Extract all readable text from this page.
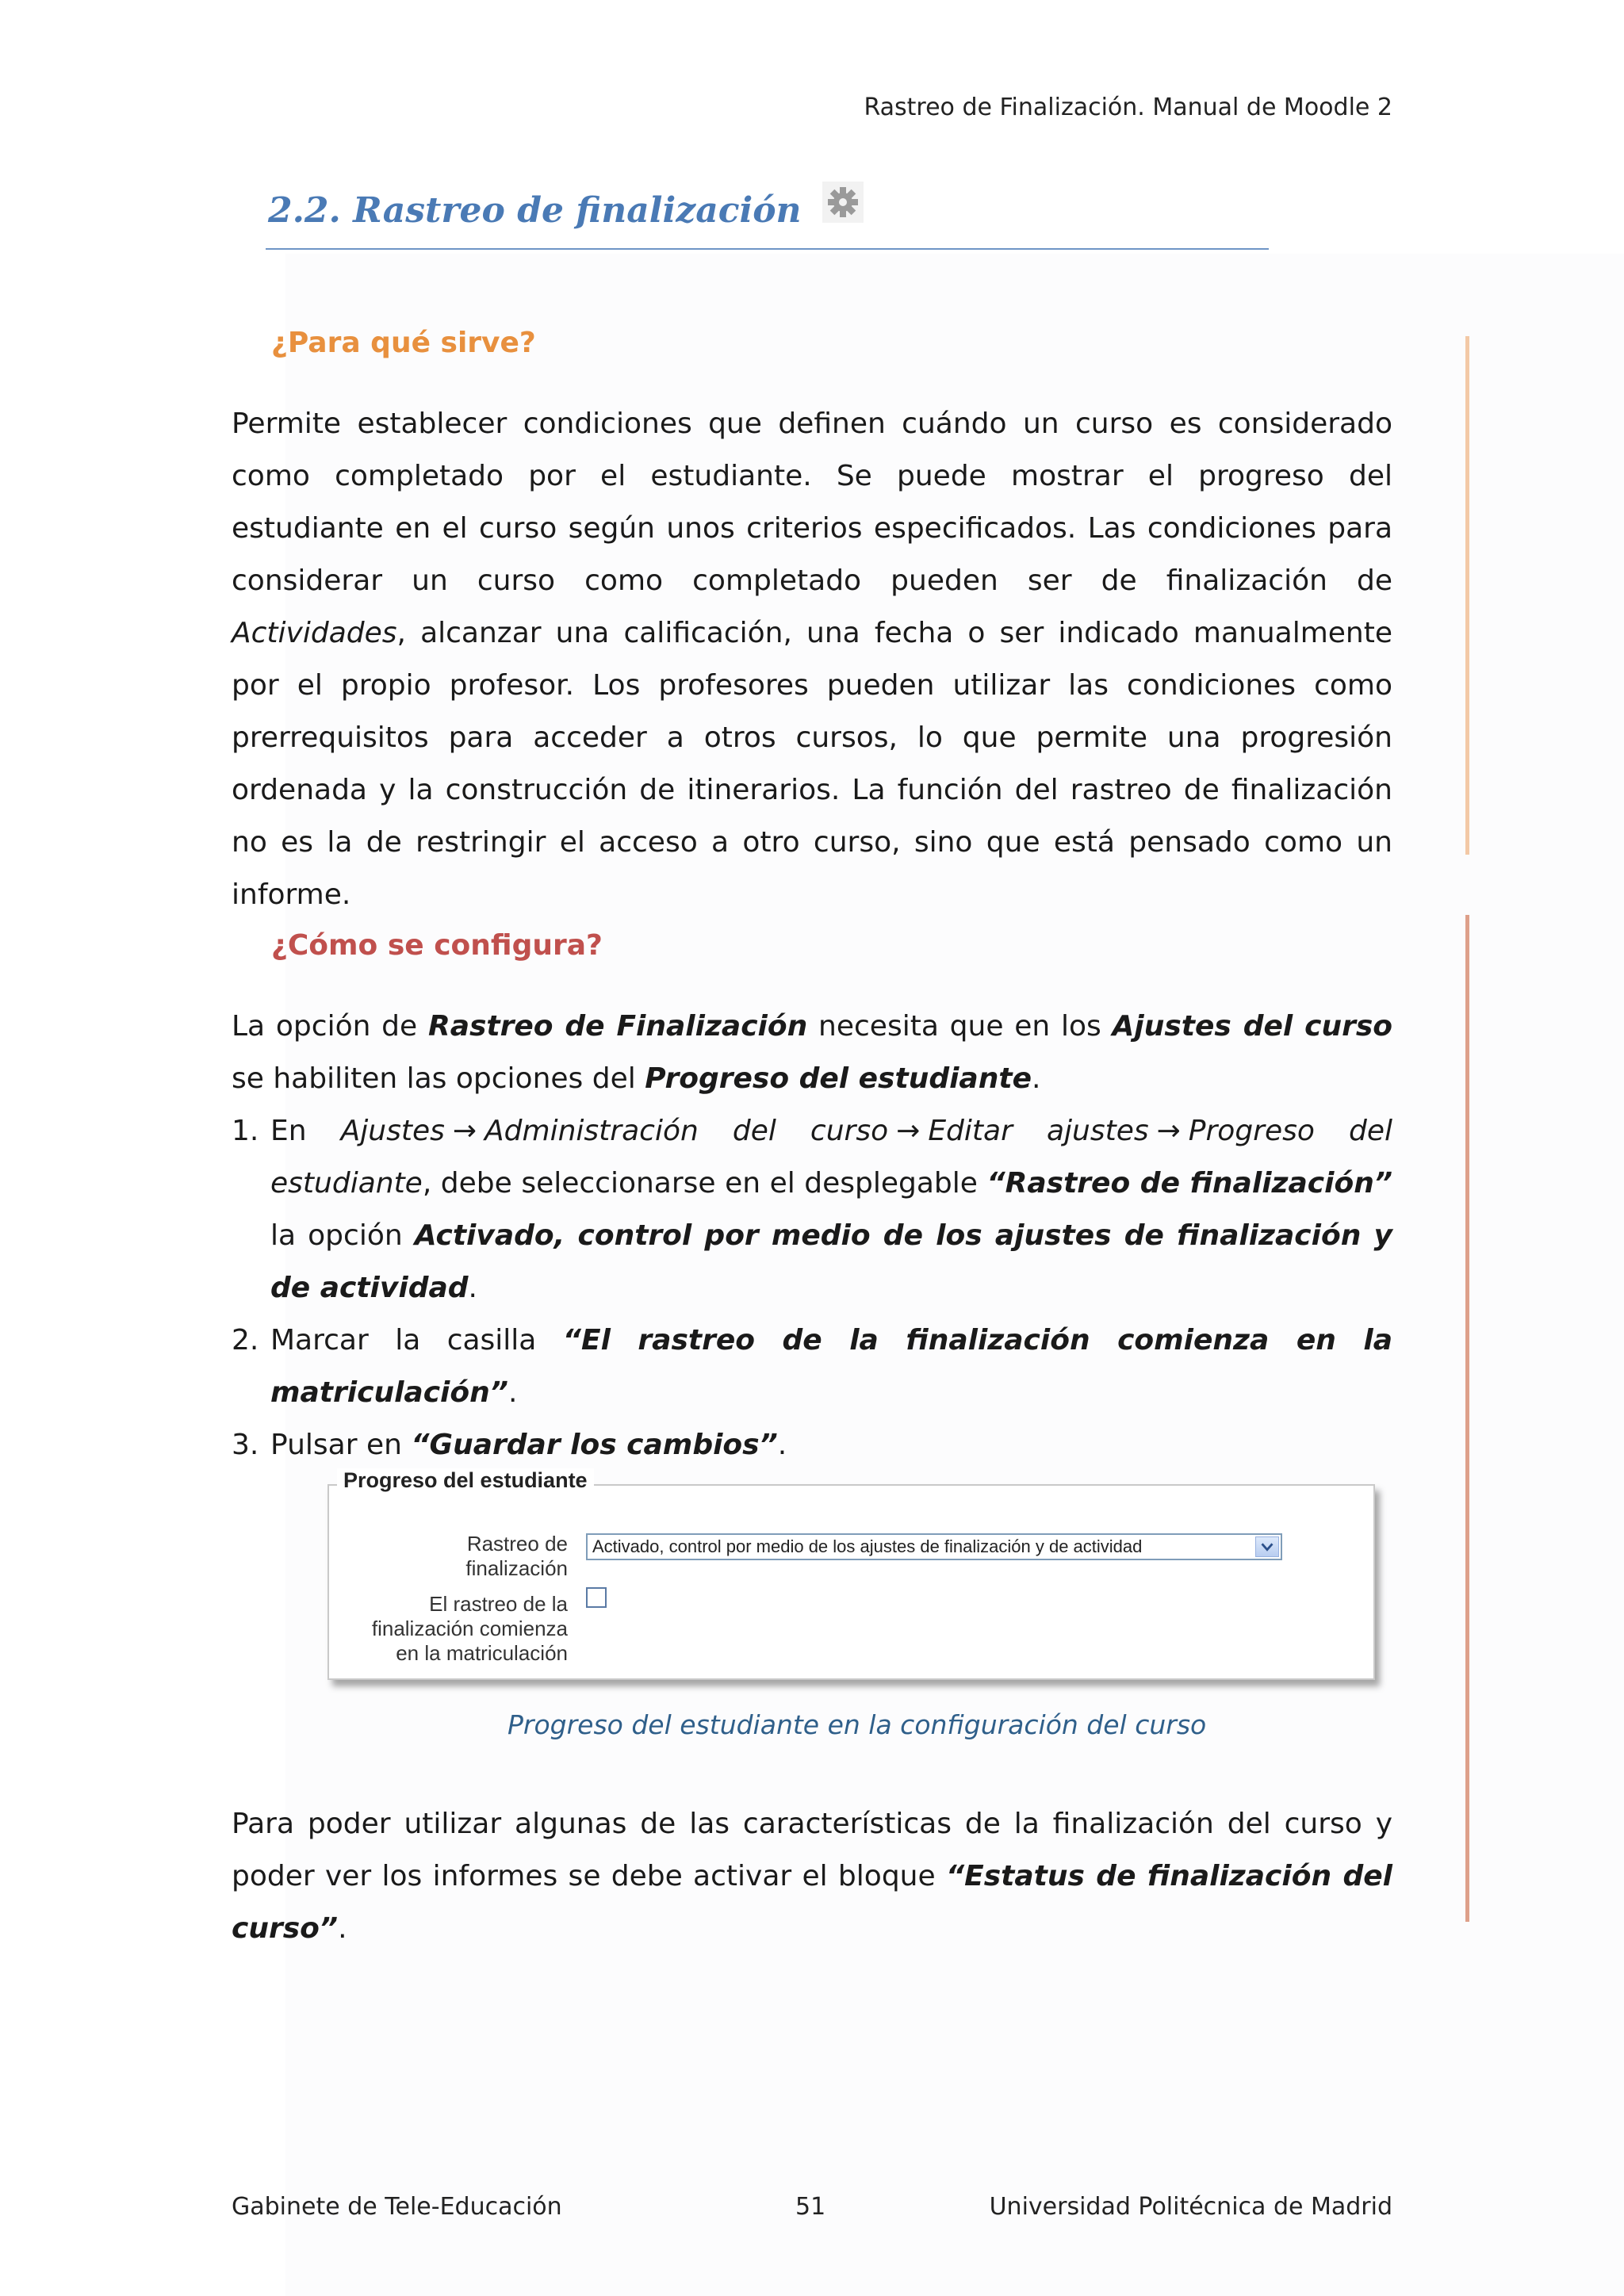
Rastreo de Finalización. Manual de Moodle 2
2.2. Rastreo de finalización
¿Para qué sirve?

Permite establecer condiciones que definen cuándo un curso es considerado como completado por el estudiante. Se puede mostrar el progreso del estudiante en el curso según unos criterios especificados. Las condiciones para considerar un curso como completado pueden ser de finalización de Actividades, alcanzar una calificación, una fecha o ser indicado manualmente por el propio profesor. Los profesores pueden utilizar las condiciones como prerrequisitos para acceder a otros cursos, lo que permite una progresión ordenada y la construcción de itinerarios. La función del rastreo de finalización no es la de restringir el acceso a otro curso, sino que está pensado como un informe.

¿Cómo se configura?

La opción de Rastreo de Finalización necesita que en los Ajustes del curso se habiliten las opciones del Progreso del estudiante.

1. En Ajustes → Administración del curso → Editar ajustes → Progreso del estudiante, debe seleccionarse en el desplegable “Rastreo de finalización” la opción Activado, control por medio de los ajustes de finalización y de actividad.
2. Marcar la casilla “El rastreo de la finalización comienza en la matriculación”.
3. Pulsar en “Guardar los cambios”.
Progreso del estudiante
Rastreo de
finalización
Activado, control por medio de los ajustes de finalización y de actividad
El rastreo de la
finalización comienza
en la matriculación
Progreso del estudiante en la configuración del curso

Para poder utilizar algunas de las características de la finalización del curso y poder ver los informes se debe activar el bloque “Estatus de finalización del curso”.

Gabinete de Tele-Educación	51	Universidad Politécnica de Madrid
